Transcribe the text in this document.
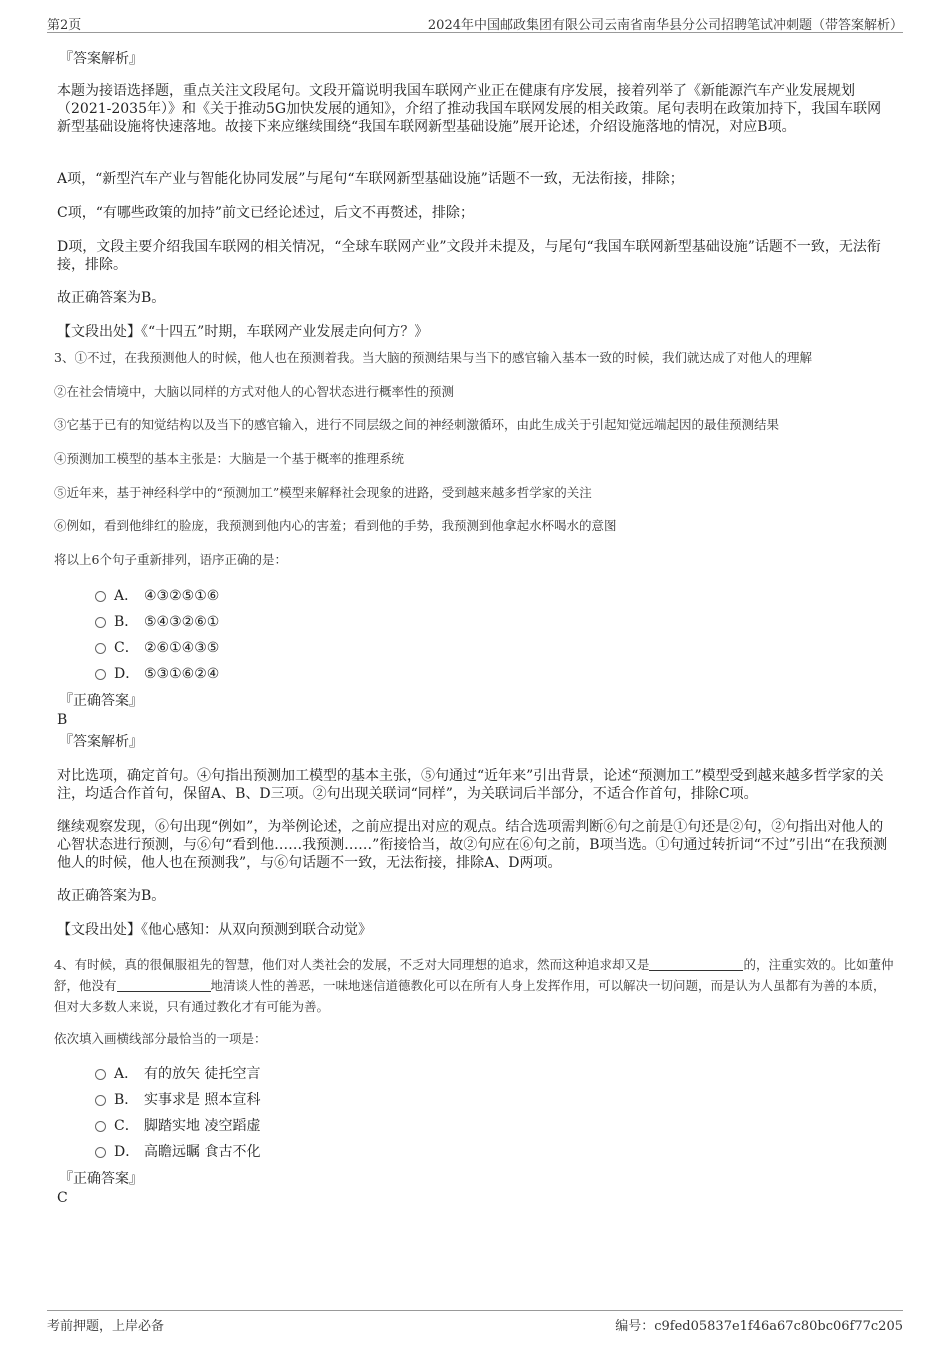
第2页	2024年中国邮政集团有限公司云南省南华县分公司招聘笔试冲刺题（带答案解析）
『答案解析』

本题为接语选择题，重点关注文段尾句。文段开篇说明我国车联网产业正在健康有序发展，接着列举了《新能源汽车产业发展规划（2021-2035年）》和《关于推动5G加快发展的通知》，介绍了推动我国车联网发展的相关政策。尾句表明在政策加持下，我国车联网新型基础设施将快速落地。故接下来应继续围绕“我国车联网新型基础设施”展开论述，介绍设施落地的情况，对应B项。

A项，“新型汽车产业与智能化协同发展”与尾句“车联网新型基础设施”话题不一致，无法衔接，排除；

C项，“有哪些政策的加持”前文已经论述过，后文不再赘述，排除；

D项，文段主要介绍我国车联网的相关情况，“全球车联网产业”文段并未提及，与尾句“我国车联网新型基础设施”话题不一致，无法衔接，排除。

故正确答案为B。

【文段出处】《“十四五”时期，车联网产业发展走向何方？》

3、①不过，在我预测他人的时候，他人也在预测着我。当大脑的预测结果与当下的感官输入基本一致的时候，我们就达成了对他人的理解

②在社会情境中，大脑以同样的方式对他人的心智状态进行概率性的预测

③它基于已有的知觉结构以及当下的感官输入，进行不同层级之间的神经刺激循环，由此生成关于引起知觉远端起因的最佳预测结果

④预测加工模型的基本主张是：大脑是一个基于概率的推理系统

⑤近年来，基于神经科学中的“预测加工”模型来解释社会现象的进路，受到越来越多哲学家的关注

⑥例如，看到他绯红的脸庞，我预测到他内心的害羞；看到他的手势，我预测到他拿起水杯喝水的意图

将以上6个句子重新排列，语序正确的是：

A． ④③②⑤①⑥
B． ⑤④③②⑥①
C． ②⑥①④③⑤
D． ⑤③①⑥②④
『正确答案』
B
『答案解析』

对比选项，确定首句。④句指出预测加工模型的基本主张，⑤句通过“近年来”引出背景，论述“预测加工”模型受到越来越多哲学家的关注，均适合作首句，保留A、B、D三项。②句出现关联词“同样”，为关联词后半部分，不适合作首句，排除C项。

继续观察发现，⑥句出现“例如”，为举例论述，之前应提出对应的观点。结合选项需判断⑥句之前是①句还是②句，②句指出对他人的心智状态进行预测，与⑥句“看到他……我预测……”衔接恰当，故②句应在⑥句之前，B项当选。①句通过转折词“不过”引出“在我预测他人的时候，他人也在预测我”，与⑥句话题不一致，无法衔接，排除A、D两项。

故正确答案为B。

【文段出处】《他心感知：从双向预测到联合动觉》

4、有时候，真的很佩服祖先的智慧，他们对人类社会的发展，不乏对大同理想的追求，然而这种追求却又是	的，注重实效的。比如董仲舒，他没有	地清谈人性的善恶，一味地迷信道德教化可以在所有人身上发挥作用，可以解决一切问题，而是认为人虽都有为善的本质，但对大多数人来说，只有通过教化才有可能为善。

依次填入画横线部分最恰当的一项是：

A． 有的放矢 徒托空言
B． 实事求是 照本宣科
C． 脚踏实地 凌空蹈虚
D． 高瞻远瞩 食古不化
『正确答案』
C
考前押题，上岸必备	编号：c9fed05837e1f46a67c80bc06f77c205
